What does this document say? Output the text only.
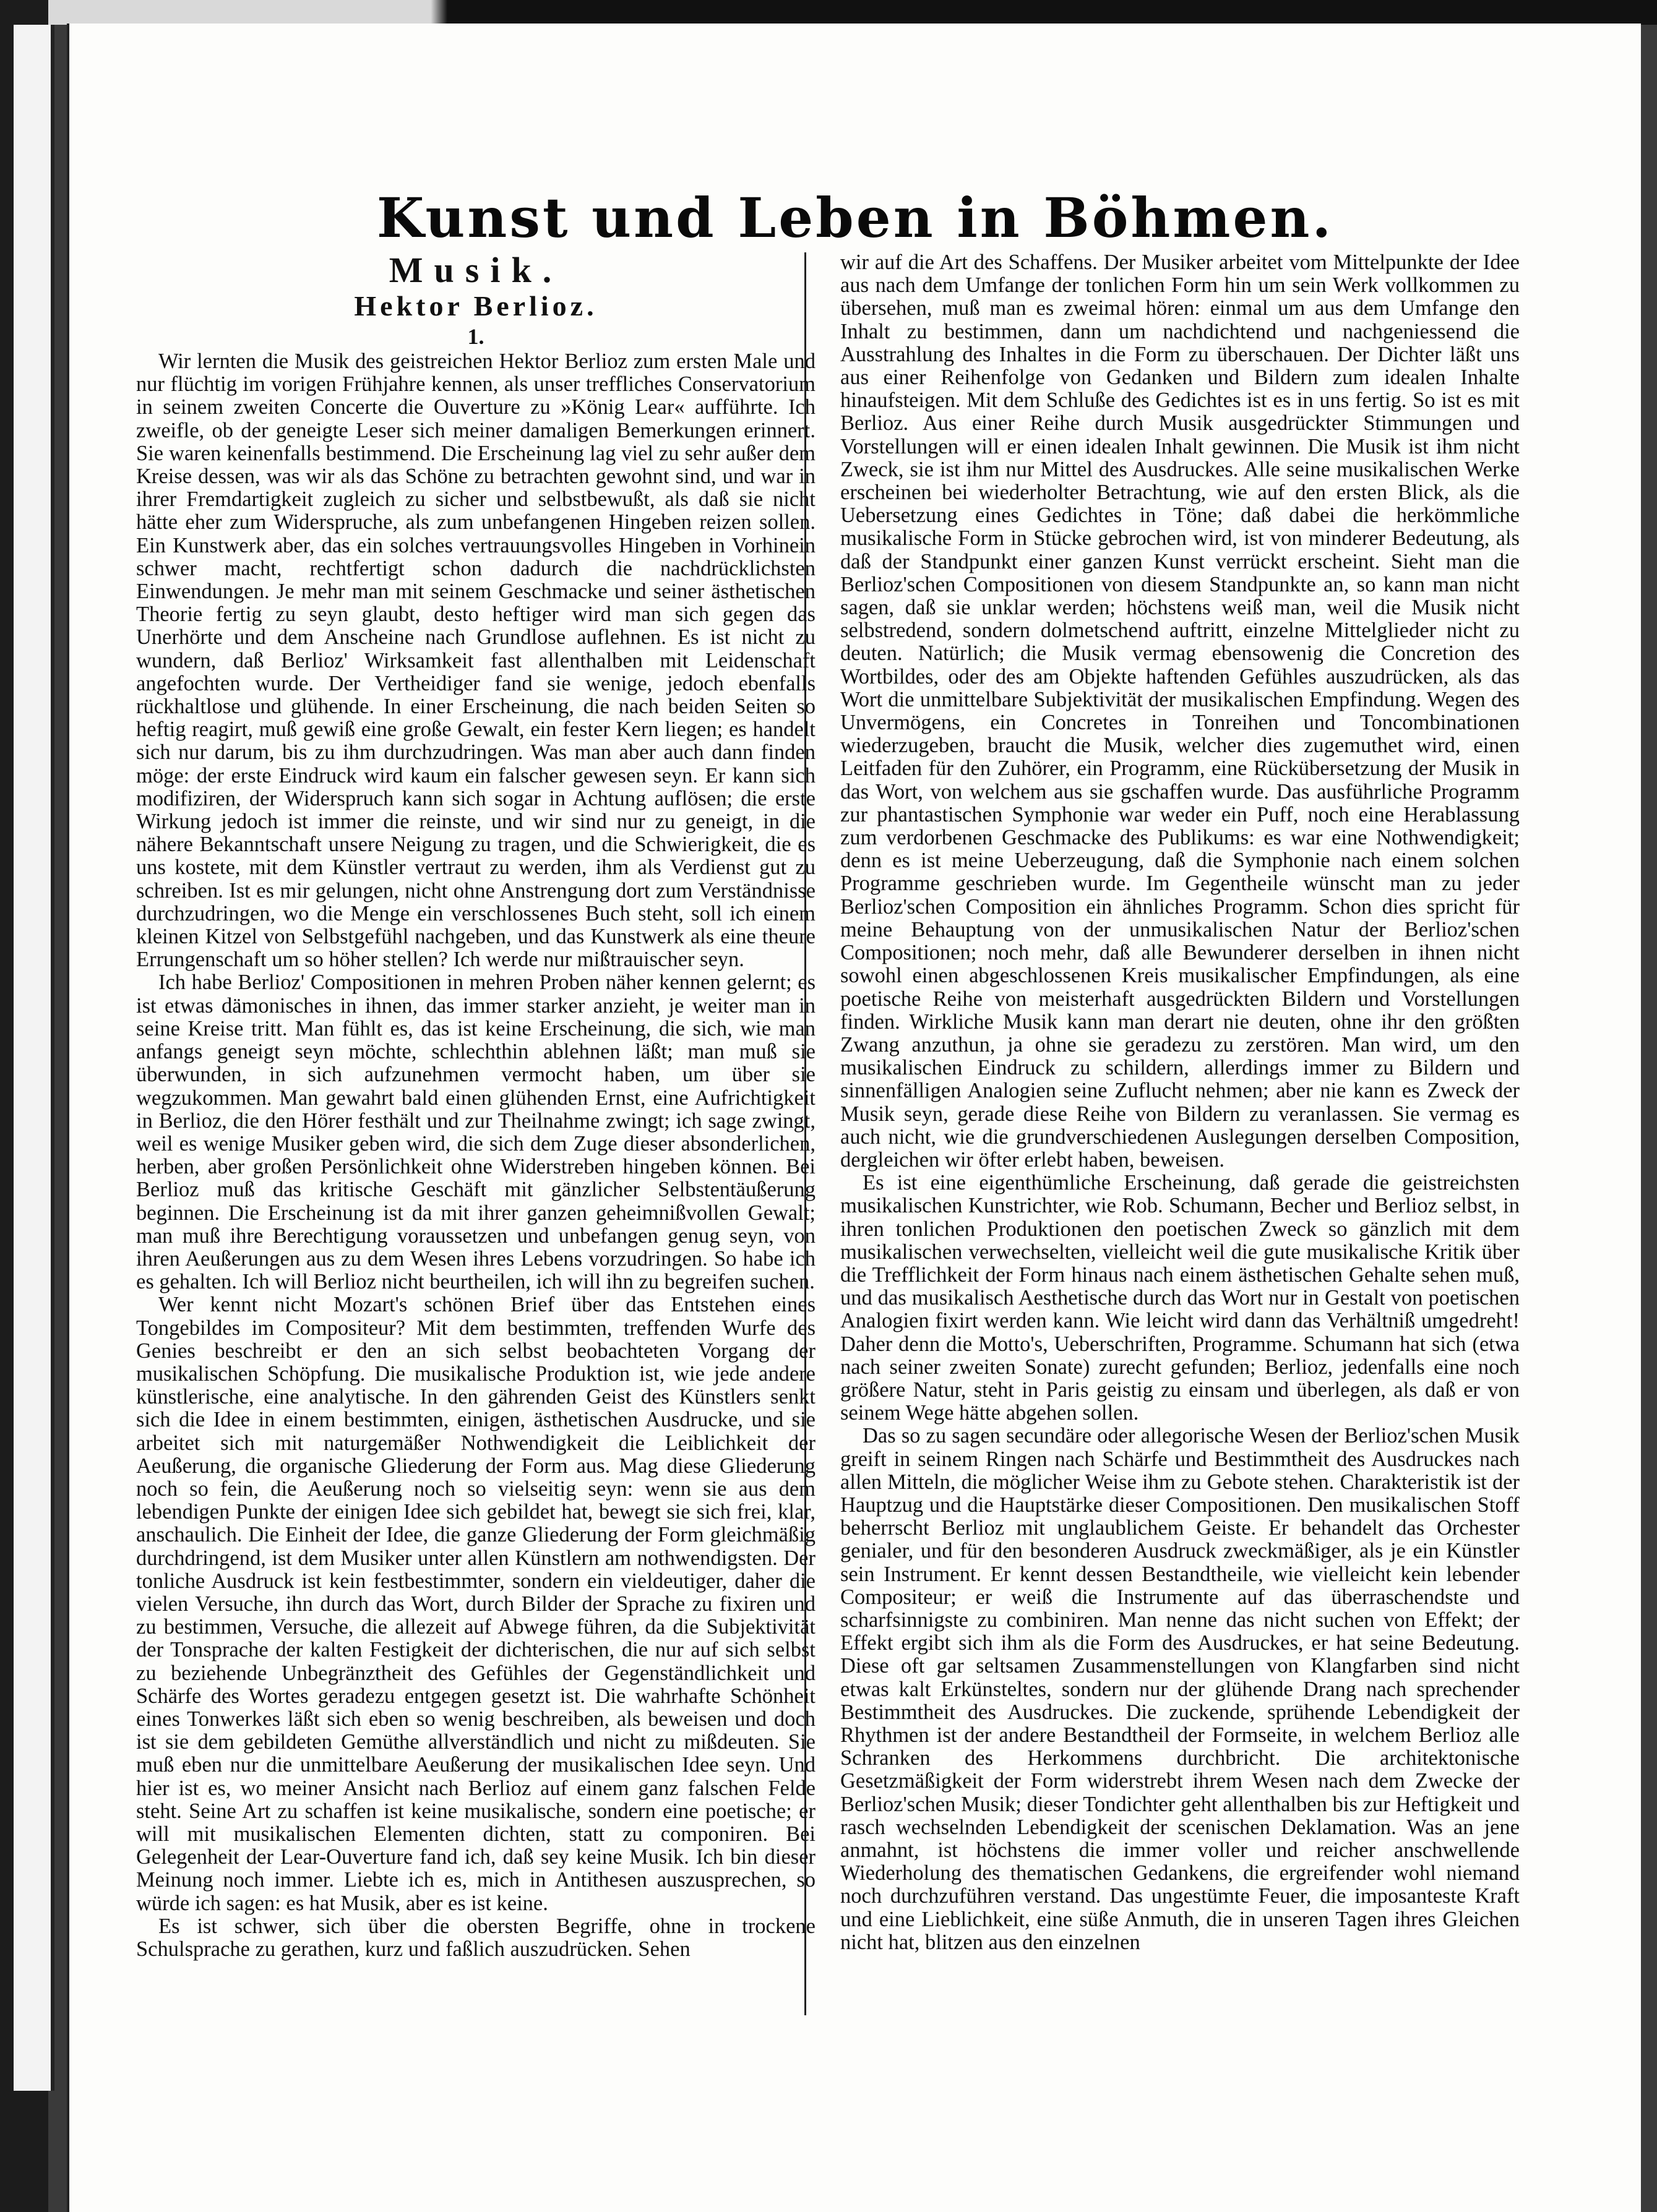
Kunst und Leben in Böhmen.

Musik.

Hektor Berlioz.

1.

Wir lernten die Musik des geistreichen Hektor Berlioz zum ersten Male und nur flüchtig im vorigen Frühjahre kennen, als unser treffliches Conservatorium in seinem zweiten Concerte die Ouverture zu »König Lear« aufführte. Ich zweifle, ob der geneigte Leser sich meiner damaligen Bemerkungen erinnert. Sie waren keinenfalls bestimmend. Die Erscheinung lag viel zu sehr außer dem Kreise dessen, was wir als das Schöne zu betrachten gewohnt sind, und war in ihrer Fremdartigkeit zugleich zu sicher und selbstbewußt, als daß sie nicht hätte eher zum Widerspruche, als zum unbefangenen Hingeben reizen sollen. Ein Kunstwerk aber, das ein solches vertrauungsvolles Hingeben in Vorhinein schwer macht, rechtfertigt schon dadurch die nachdrücklichsten Einwendungen. Je mehr man mit seinem Geschmacke und seiner ästhetischen Theorie fertig zu seyn glaubt, desto heftiger wird man sich gegen das Unerhörte und dem Anscheine nach Grundlose auflehnen. Es ist nicht zu wundern, daß Berlioz' Wirksamkeit fast allenthalben mit Leidenschaft angefochten wurde. Der Vertheidiger fand sie wenige, jedoch ebenfalls rückhaltlose und glühende. In einer Erscheinung, die nach beiden Seiten so heftig reagirt, muß gewiß eine große Gewalt, ein fester Kern liegen; es handelt sich nur darum, bis zu ihm durchzudringen. Was man aber auch dann finden möge: der erste Eindruck wird kaum ein falscher gewesen seyn. Er kann sich modifiziren, der Widerspruch kann sich sogar in Achtung auflösen; die erste Wirkung jedoch ist immer die reinste, und wir sind nur zu geneigt, in die nähere Bekanntschaft unsere Neigung zu tragen, und die Schwierigkeit, die es uns kostete, mit dem Künstler vertraut zu werden, ihm als Verdienst gut zu schreiben. Ist es mir gelungen, nicht ohne Anstrengung dort zum Verständnisse durchzudringen, wo die Menge ein verschlossenes Buch steht, soll ich einem kleinen Kitzel von Selbstgefühl nachgeben, und das Kunstwerk als eine theure Errungenschaft um so höher stellen? Ich werde nur mißtrauischer seyn.

Ich habe Berlioz' Compositionen in mehren Proben näher kennen gelernt; es ist etwas dämonisches in ihnen, das immer starker anzieht, je weiter man in seine Kreise tritt. Man fühlt es, das ist keine Erscheinung, die sich, wie man anfangs geneigt seyn möchte, schlechthin ablehnen läßt; man muß sie überwunden, in sich aufzunehmen vermocht haben, um über sie wegzukommen. Man gewahrt bald einen glühenden Ernst, eine Aufrichtigkeit in Berlioz, die den Hörer festhält und zur Theilnahme zwingt; ich sage zwingt, weil es wenige Musiker geben wird, die sich dem Zuge dieser absonderlichen, herben, aber großen Persönlichkeit ohne Widerstreben hingeben können. Bei Berlioz muß das kritische Geschäft mit gänzlicher Selbstentäußerung beginnen. Die Erscheinung ist da mit ihrer ganzen geheimnißvollen Gewalt; man muß ihre Berechtigung voraussetzen und unbefangen genug seyn, von ihren Aeußerungen aus zu dem Wesen ihres Lebens vorzudringen. So habe ich es gehalten. Ich will Berlioz nicht beurtheilen, ich will ihn zu begreifen suchen.

Wer kennt nicht Mozart's schönen Brief über das Entstehen eines Tongebildes im Compositeur? Mit dem bestimmten, treffenden Wurfe des Genies beschreibt er den an sich selbst beobachteten Vorgang der musikalischen Schöpfung. Die musikalische Produktion ist, wie jede andere künstlerische, eine analytische. In den gährenden Geist des Künstlers senkt sich die Idee in einem bestimmten, einigen, ästhetischen Ausdrucke, und sie arbeitet sich mit naturgemäßer Nothwendigkeit die Leiblichkeit der Aeußerung, die organische Gliederung der Form aus. Mag diese Gliederung noch so fein, die Aeußerung noch so vielseitig seyn: wenn sie aus dem lebendigen Punkte der einigen Idee sich gebildet hat, bewegt sie sich frei, klar, anschaulich. Die Einheit der Idee, die ganze Gliederung der Form gleichmäßig durchdringend, ist dem Musiker unter allen Künstlern am nothwendigsten. Der tonliche Ausdruck ist kein festbestimmter, sondern ein vieldeutiger, daher die vielen Versuche, ihn durch das Wort, durch Bilder der Sprache zu fixiren und zu bestimmen, Versuche, die allezeit auf Abwege führen, da die Subjektivität der Tonsprache der kalten Festigkeit der dichterischen, die nur auf sich selbst zu beziehende Unbegränztheit des Gefühles der Gegenständlichkeit und Schärfe des Wortes geradezu entgegen gesetzt ist. Die wahrhafte Schönheit eines Tonwerkes läßt sich eben so wenig beschreiben, als beweisen und doch ist sie dem gebildeten Gemüthe allverständlich und nicht zu mißdeuten. Sie muß eben nur die unmittelbare Aeußerung der musikalischen Idee seyn. Und hier ist es, wo meiner Ansicht nach Berlioz auf einem ganz falschen Felde steht. Seine Art zu schaffen ist keine musikalische, sondern eine poetische; er will mit musikalischen Elementen dichten, statt zu componiren. Bei Gelegenheit der Lear-Ouverture fand ich, daß sey keine Musik. Ich bin dieser Meinung noch immer. Liebte ich es, mich in Antithesen auszusprechen, so würde ich sagen: es hat Musik, aber es ist keine.

Es ist schwer, sich über die obersten Begriffe, ohne in trockene Schulsprache zu gerathen, kurz und faßlich auszudrücken. Sehen

wir auf die Art des Schaffens. Der Musiker arbeitet vom Mittelpunkte der Idee aus nach dem Umfange der tonlichen Form hin um sein Werk vollkommen zu übersehen, muß man es zweimal hören: einmal um aus dem Umfange den Inhalt zu bestimmen, dann um nachdichtend und nachgeniessend die Ausstrahlung des Inhaltes in die Form zu überschauen. Der Dichter läßt uns aus einer Reihenfolge von Gedanken und Bildern zum idealen Inhalte hinaufsteigen. Mit dem Schluße des Gedichtes ist es in uns fertig. So ist es mit Berlioz. Aus einer Reihe durch Musik ausgedrückter Stimmungen und Vorstellungen will er einen idealen Inhalt gewinnen. Die Musik ist ihm nicht Zweck, sie ist ihm nur Mittel des Ausdruckes. Alle seine musikalischen Werke erscheinen bei wiederholter Betrachtung, wie auf den ersten Blick, als die Uebersetzung eines Gedichtes in Töne; daß dabei die herkömmliche musikalische Form in Stücke gebrochen wird, ist von minderer Bedeutung, als daß der Standpunkt einer ganzen Kunst verrückt erscheint. Sieht man die Berlioz'schen Compositionen von diesem Standpunkte an, so kann man nicht sagen, daß sie unklar werden; höchstens weiß man, weil die Musik nicht selbstredend, sondern dolmetschend auftritt, einzelne Mittelglieder nicht zu deuten. Natürlich; die Musik vermag ebensowenig die Concretion des Wortbildes, oder des am Objekte haftenden Gefühles auszudrücken, als das Wort die unmittelbare Subjektivität der musikalischen Empfindung. Wegen des Unvermögens, ein Concretes in Tonreihen und Toncombinationen wiederzugeben, braucht die Musik, welcher dies zugemuthet wird, einen Leitfaden für den Zuhörer, ein Programm, eine Rückübersetzung der Musik in das Wort, von welchem aus sie gschaffen wurde. Das ausführliche Programm zur phantastischen Symphonie war weder ein Puff, noch eine Herablassung zum verdorbenen Geschmacke des Publikums: es war eine Nothwendigkeit; denn es ist meine Ueberzeugung, daß die Symphonie nach einem solchen Programme geschrieben wurde. Im Gegentheile wünscht man zu jeder Berlioz'schen Composition ein ähnliches Programm. Schon dies spricht für meine Behauptung von der unmusikalischen Natur der Berlioz'schen Compositionen; noch mehr, daß alle Bewunderer derselben in ihnen nicht sowohl einen abgeschlossenen Kreis musikalischer Empfindungen, als eine poetische Reihe von meisterhaft ausgedrückten Bildern und Vorstellungen finden. Wirkliche Musik kann man derart nie deuten, ohne ihr den größten Zwang anzuthun, ja ohne sie geradezu zu zerstören. Man wird, um den musikalischen Eindruck zu schildern, allerdings immer zu Bildern und sinnenfälligen Analogien seine Zuflucht nehmen; aber nie kann es Zweck der Musik seyn, gerade diese Reihe von Bildern zu veranlassen. Sie vermag es auch nicht, wie die grundverschiedenen Auslegungen derselben Composition, dergleichen wir öfter erlebt haben, beweisen.

Es ist eine eigenthümliche Erscheinung, daß gerade die geistreichsten musikalischen Kunstrichter, wie Rob. Schumann, Becher und Berlioz selbst, in ihren tonlichen Produktionen den poetischen Zweck so gänzlich mit dem musikalischen verwechselten, vielleicht weil die gute musikalische Kritik über die Trefflichkeit der Form hinaus nach einem ästhetischen Gehalte sehen muß, und das musikalisch Aesthetische durch das Wort nur in Gestalt von poetischen Analogien fixirt werden kann. Wie leicht wird dann das Verhältniß umgedreht! Daher denn die Motto's, Ueberschriften, Programme. Schumann hat sich (etwa nach seiner zweiten Sonate) zurecht gefunden; Berlioz, jedenfalls eine noch größere Natur, steht in Paris geistig zu einsam und überlegen, als daß er von seinem Wege hätte abgehen sollen.

Das so zu sagen secundäre oder allegorische Wesen der Berlioz'schen Musik greift in seinem Ringen nach Schärfe und Bestimmtheit des Ausdruckes nach allen Mitteln, die möglicher Weise ihm zu Gebote stehen. Charakteristik ist der Hauptzug und die Hauptstärke dieser Compositionen. Den musikalischen Stoff beherrscht Berlioz mit unglaublichem Geiste. Er behandelt das Orchester genialer, und für den besonderen Ausdruck zweckmäßiger, als je ein Künstler sein Instrument. Er kennt dessen Bestandtheile, wie vielleicht kein lebender Compositeur; er weiß die Instrumente auf das überraschendste und scharfsinnigste zu combiniren. Man nenne das nicht suchen von Effekt; der Effekt ergibt sich ihm als die Form des Ausdruckes, er hat seine Bedeutung. Diese oft gar seltsamen Zusammenstellungen von Klangfarben sind nicht etwas kalt Erkünsteltes, sondern nur der glühende Drang nach sprechender Bestimmtheit des Ausdruckes. Die zuckende, sprühende Lebendigkeit der Rhythmen ist der andere Bestandtheil der Formseite, in welchem Berlioz alle Schranken des Herkommens durchbricht. Die architektonische Gesetzmäßigkeit der Form widerstrebt ihrem Wesen nach dem Zwecke der Berlioz'schen Musik; dieser Tondichter geht allenthalben bis zur Heftigkeit und rasch wechselnden Lebendigkeit der scenischen Deklamation. Was an jene anmahnt, ist höchstens die immer voller und reicher anschwellende Wiederholung des thematischen Gedankens, die ergreifender wohl niemand noch durchzuführen verstand. Das ungestümte Feuer, die imposanteste Kraft und eine Lieblichkeit, eine süße Anmuth, die in unseren Tagen ihres Gleichen nicht hat, blitzen aus den einzelnen
